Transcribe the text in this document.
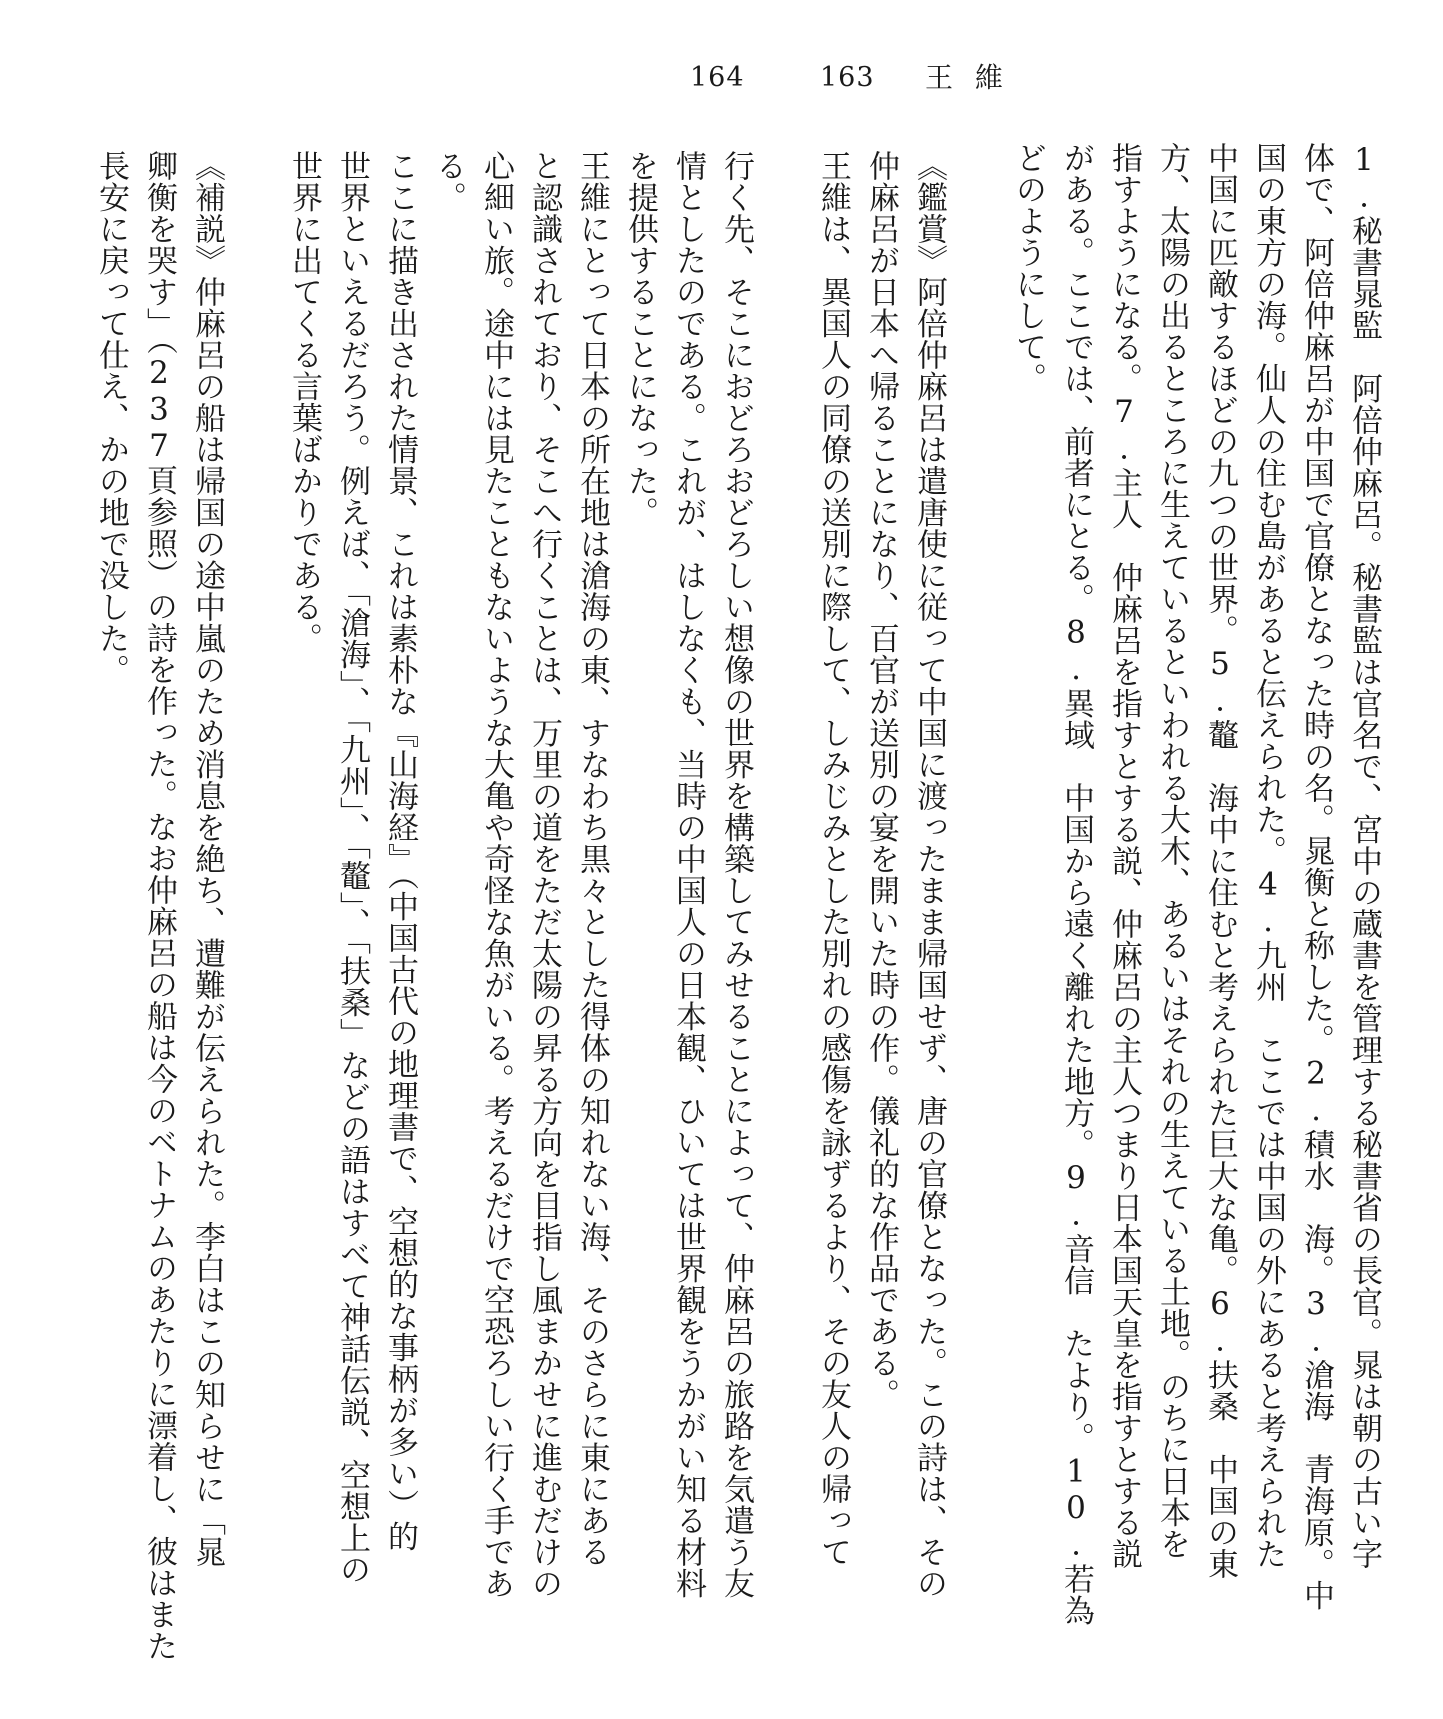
164	163 王維
1.秘書晁監　阿倍仲麻呂。秘書監は官名で、宮中の蔵書を管理する秘書省の長官。晁は朝の古い字
体で、阿倍仲麻呂が中国で官僚となった時の名。晁衡と称した。2.積水　海。3.滄海　青海原。中
国の東方の海。仙人の住む島があると伝えられた。4.九州　ここでは中国の外にあると考えられた
中国に匹敵するほどの九つの世界。5.鼇　海中に住むと考えられた巨大な亀。6.扶桑　中国の東
方、太陽の出るところに生えているといわれる大木、あるいはそれの生えている土地。のちに日本を
指すようになる。7.主人　仲麻呂を指すとする説、仲麻呂の主人つまり日本国天皇を指すとする説
がある。ここでは、前者にとる。8.異域　中国から遠く離れた地方。9.音信　たより。10.若為
どのようにして。
《鑑賞》阿倍仲麻呂は遣唐使に従って中国に渡ったまま帰国せず、唐の官僚となった。この詩は、その
仲麻呂が日本へ帰ることになり、百官が送別の宴を開いた時の作。儀礼的な作品である。
王維は、異国人の同僚の送別に際して、しみじみとした別れの感傷を詠ずるより、その友人の帰って
行く先、そこにおどろおどろしい想像の世界を構築してみせることによって、仲麻呂の旅路を気遣う友
情としたのである。これが、はしなくも、当時の中国人の日本観、ひいては世界観をうかがい知る材料
を提供することになった。
王維にとって日本の所在地は滄海の東、すなわち黒々とした得体の知れない海、そのさらに東にある
と認識されており、そこへ行くことは、万里の道をただ太陽の昇る方向を目指し風まかせに進むだけの
心細い旅。途中には見たこともないような大亀や奇怪な魚がいる。考えるだけで空恐ろしい行く手であ
る。
ここに描き出された情景、これは素朴な『山海経』（中国古代の地理書で、空想的な事柄が多い）的
世界といえるだろう。例えば、「滄海」、「九州」、「鼇」、「扶桑」などの語はすべて神話伝説、空想上の
世界に出てくる言葉ばかりである。
《補説》仲麻呂の船は帰国の途中嵐のため消息を絶ち、遭難が伝えられた。李白はこの知らせに「晁
卿衡を哭す」（237頁参照）の詩を作った。なお仲麻呂の船は今のベトナムのあたりに漂着し、彼はまた
長安に戻って仕え、かの地で没した。
